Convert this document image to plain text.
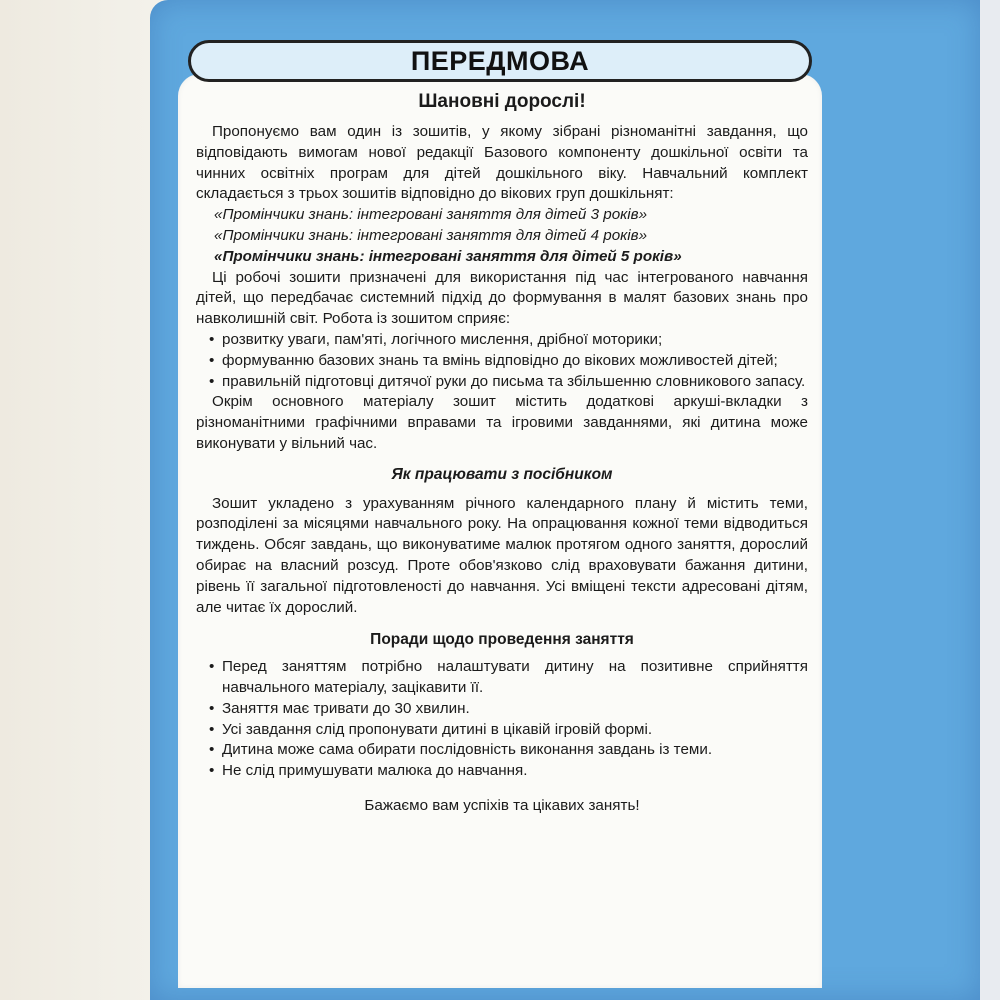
ПЕРЕДМОВА

Шановні дорослі!

Пропонуємо вам один із зошитів, у якому зібрані різноманітні завдання, що відповідають вимогам нової редакції Базового компоненту дошкільної освіти та чинних освітніх програм для дітей дошкільного віку. Навчальний комплект складається з трьох зошитів відповідно до вікових груп дошкільнят:

«Промінчики знань: інтегровані заняття для дітей 3 років»

«Промінчики знань: інтегровані заняття для дітей 4 років»

«Промінчики знань: інтегровані заняття для дітей 5 років»

Ці робочі зошити призначені для використання під час інтегрованого навчання дітей, що передбачає системний підхід до формування в малят базових знань про навколишній світ. Робота із зошитом сприяє:

• розвитку уваги, пам'яті, логічного мислення, дрібної моторики;
• формуванню базових знань та вмінь відповідно до вікових можливостей дітей;
• правильній підготовці дитячої руки до письма та збільшенню словникового запасу.

Окрім основного матеріалу зошит містить додаткові аркуші-вкладки з різноманітними графічними вправами та ігровими завданнями, які дитина може виконувати у вільний час.

Як працювати з посібником

Зошит укладено з урахуванням річного календарного плану й містить теми, розподілені за місяцями навчального року. На опрацювання кожної теми відводиться тиждень. Обсяг завдань, що виконуватиме малюк протягом одного заняття, дорослий обирає на власний розсуд. Проте обов'язково слід враховувати бажання дитини, рівень її загальної підготовленості до навчання. Усі вміщені тексти адресовані дітям, але читає їх дорослий.

Поради щодо проведення заняття

• Перед заняттям потрібно налаштувати дитину на позитивне сприйняття навчального матеріалу, зацікавити її.
• Заняття має тривати до 30 хвилин.
• Усі завдання слід пропонувати дитині в цікавій ігровій формі.
• Дитина може сама обирати послідовність виконання завдань із теми.
• Не слід примушувати малюка до навчання.

Бажаємо вам успіхів та цікавих занять!
